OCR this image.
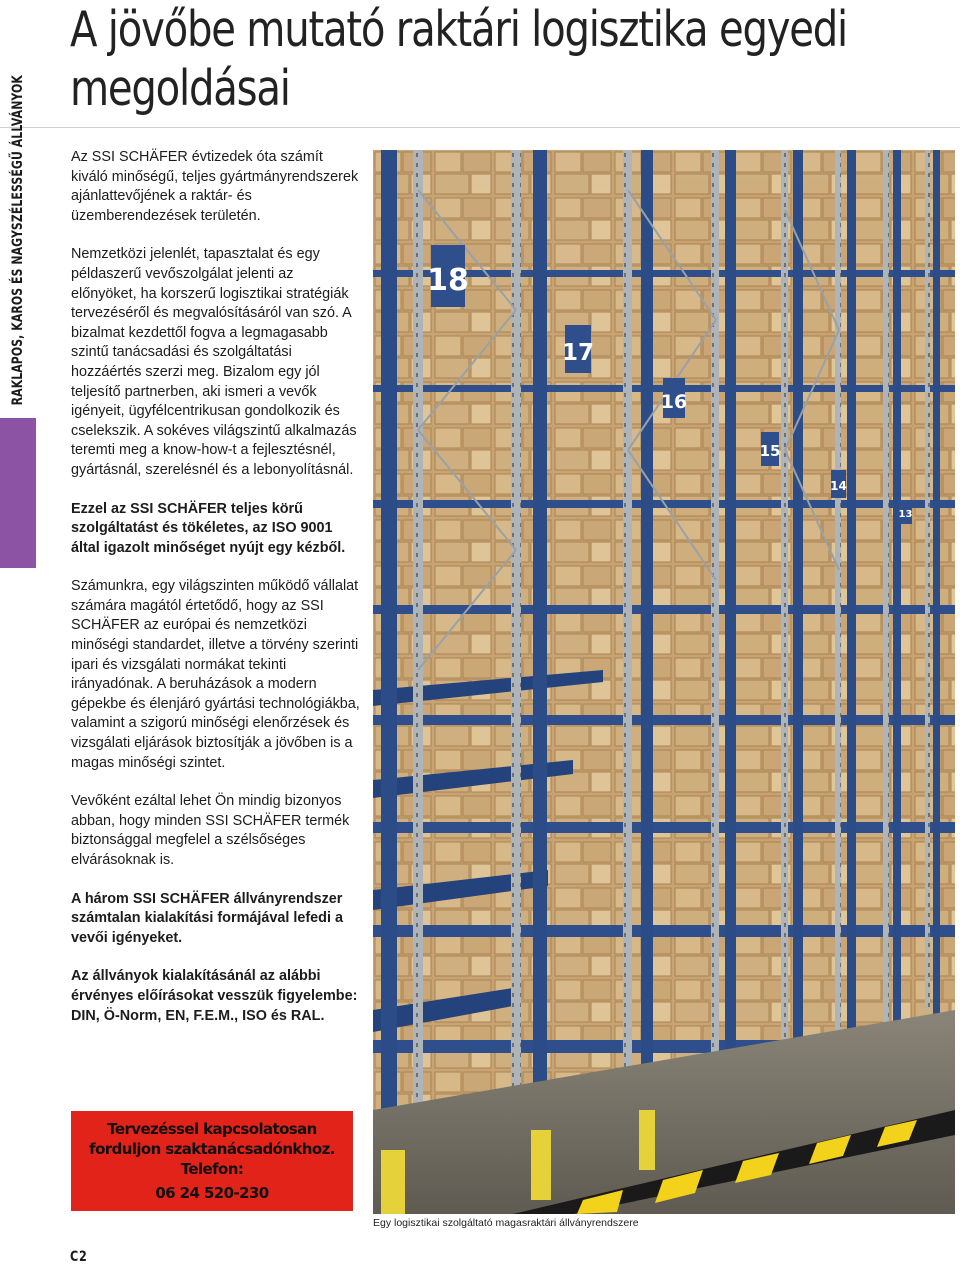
A jövőbe mutató raktári logisztika egyedi megoldásai
RAKLAPOS, KAROS ÉS NAGYSZÉLESSÉGŰ ÁLLVÁNYOK	Az SSI SCHÄFER évtizedek óta számít kiváló minőségű, teljes gyártmányrendszerek ajánlattevőjének a raktár- és üzemberendezések területén.

Nemzetközi jelenlét, tapasztalat és egy példaszerű vevőszolgálat jelenti az előnyöket, ha korszerű logisztikai stratégiák tervezéséről és megvalósításáról van szó. A bizalmat kezdettől fogva a legmagasabb szintű tanácsadási és szolgáltatási hozzáértés szerzi meg. Bizalom egy jól teljesítő partnerben, aki ismeri a vevők igényeit, ügyfélcentrikusan gondolkozik és cselekszik. A sokéves világszintű alkalmazás teremti meg a know-how-t a fejlesztésnél, gyártásnál, szerelésnél és a lebonyolításnál.

Ezzel az SSI SCHÄFER teljes körű szolgáltatást és tökéletes, az ISO 9001 által igazolt minőséget nyújt egy kézből.

Számunkra, egy világszinten működő vállalat számára magától értetődő, hogy az SSI SCHÄFER az európai és nemzetközi minőségi standardet, illetve a törvény szerinti ipari és vizsgálati normákat tekinti irányadónak. A beruházások a modern gépekbe és élenjáró gyártási technológiákba, valamint a szigorú minőségi elenőrzések és vizsgálati eljárások biztosítják a jövőben is a magas minőségi szintet.

Vevőként ezáltal lehet Ön mindig bizonyos abban, hogy minden SSI SCHÄFER termék biztonsággal megfelel a szélsőséges elvárásoknak is.

A három SSI SCHÄFER állványrendszer számtalan kialakítási formájával lefedi a vevői igényeket.

Az állványok kialakításánál az alábbi érvényes előírásokat vesszük figyelembe: DIN, Ö-Norm, EN, F.E.M., ISO és RAL.

Tervezéssel kapcsolatosan
forduljon szaktanácsadónkhoz.
Telefon:
06 24 520-230
18
17
16
15
14
13
Egy logisztikai szolgáltató magasraktári állványrendszere
C2
